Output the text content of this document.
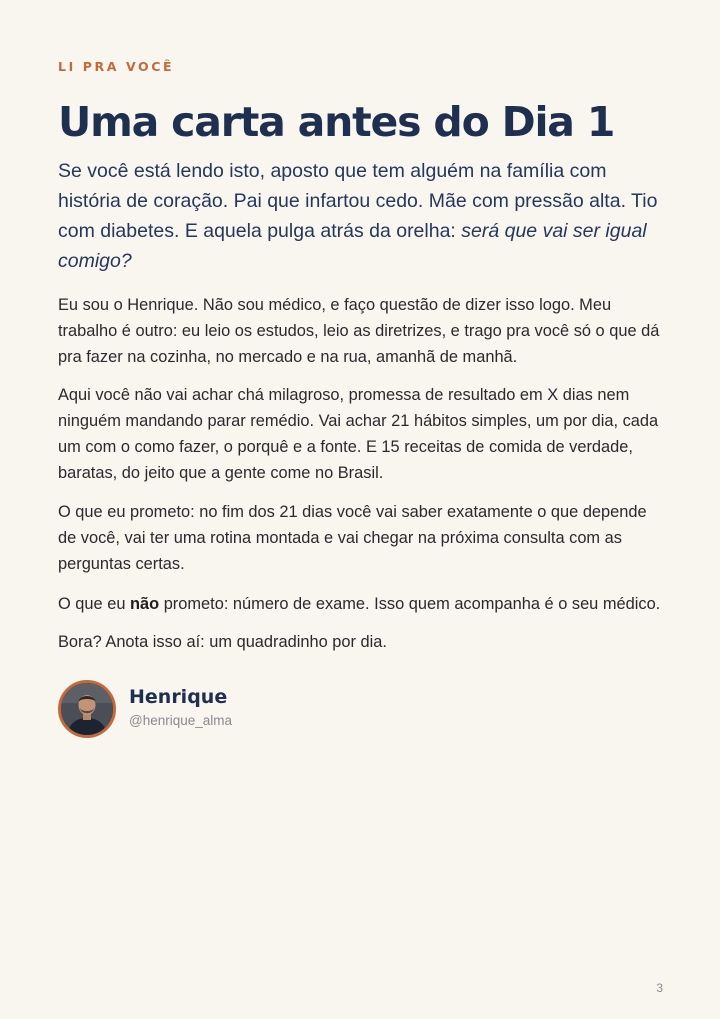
LI PRA VOCÊ
Uma carta antes do Dia 1

Se você está lendo isto, aposto que tem alguém na família com história de coração. Pai que infartou cedo. Mãe com pressão alta. Tio com diabetes. E aquela pulga atrás da orelha: será que vai ser igual comigo?

Eu sou o Henrique. Não sou médico, e faço questão de dizer isso logo. Meu trabalho é outro: eu leio os estudos, leio as diretrizes, e trago pra você só o que dá pra fazer na cozinha, no mercado e na rua, amanhã de manhã.

Aqui você não vai achar chá milagroso, promessa de resultado em X dias nem ninguém mandando parar remédio. Vai achar 21 hábitos simples, um por dia, cada um com o como fazer, o porquê e a fonte. E 15 receitas de comida de verdade, baratas, do jeito que a gente come no Brasil.

O que eu prometo: no fim dos 21 dias você vai saber exatamente o que depende de você, vai ter uma rotina montada e vai chegar na próxima consulta com as perguntas certas.

O que eu não prometo: número de exame. Isso quem acompanha é o seu médico.

Bora? Anota isso aí: um quadradinho por dia.

Henrique
@henrique_alma
3
